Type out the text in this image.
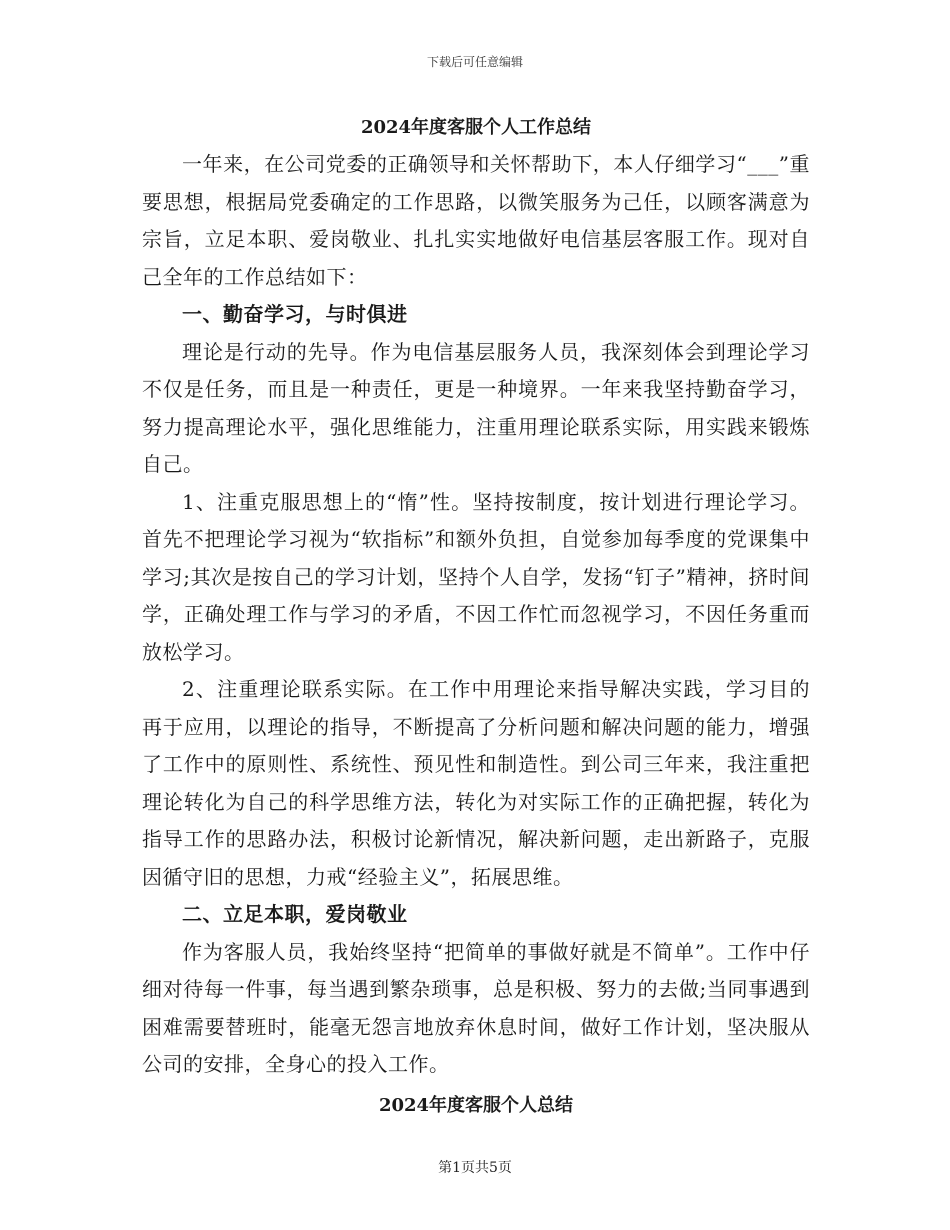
下载后可任意编辑

2024年度客服个人工作总结

一年来，在公司党委的正确领导和关怀帮助下，本人仔细学习“___”重要思想，根据局党委确定的工作思路，以微笑服务为己任，以顾客满意为宗旨，立足本职、爱岗敬业、扎扎实实地做好电信基层客服工作。现对自己全年的工作总结如下：

一、勤奋学习，与时俱进

理论是行动的先导。作为电信基层服务人员，我深刻体会到理论学习不仅是任务，而且是一种责任，更是一种境界。一年来我坚持勤奋学习，努力提高理论水平，强化思维能力，注重用理论联系实际，用实践来锻炼自己。

1、注重克服思想上的“惰”性。坚持按制度，按计划进行理论学习。首先不把理论学习视为“软指标”和额外负担，自觉参加每季度的党课集中学习;其次是按自己的学习计划，坚持个人自学，发扬“钉子”精神，挤时间学，正确处理工作与学习的矛盾，不因工作忙而忽视学习，不因任务重而放松学习。

2、注重理论联系实际。在工作中用理论来指导解决实践，学习目的再于应用，以理论的指导，不断提高了分析问题和解决问题的能力，增强了工作中的原则性、系统性、预见性和制造性。到公司三年来，我注重把理论转化为自己的科学思维方法，转化为对实际工作的正确把握，转化为指导工作的思路办法，积极讨论新情况，解决新问题，走出新路子，克服因循守旧的思想，力戒“经验主义”，拓展思维。

二、立足本职，爱岗敬业

作为客服人员，我始终坚持“把简单的事做好就是不简单”。工作中仔细对待每一件事，每当遇到繁杂琐事，总是积极、努力的去做;当同事遇到困难需要替班时，能毫无怨言地放弃休息时间，做好工作计划，坚决服从公司的安排，全身心的投入工作。

2024年度客服个人总结

第1页共5页
